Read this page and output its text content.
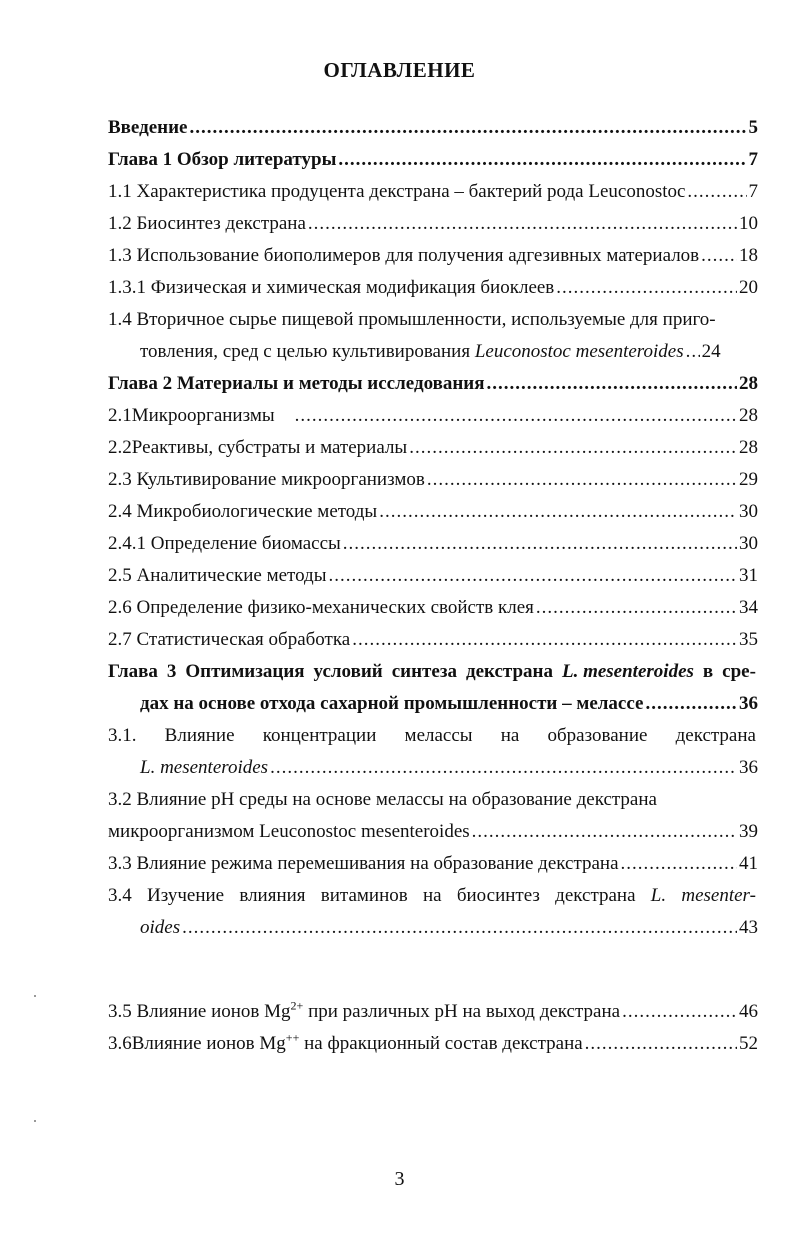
ОГЛАВЛЕНИЕ
Введение .....	5
Глава 1 Обзор литературы .....	7
1.1 Характеристика продуцента декстрана – бактерий рода Leuconostoc .....	7
1.2 Биосинтез декстрана .....	10
1.3 Использование биополимеров для получения адгезивных материалов ..... 18
1.3.1 Физическая и химическая модификация биоклеев .....	20
1.4 Вторичное сырье пищевой промышленности, используемые для приго-
товления, сред с целью культивирования Leuconostoc mesenteroides ..... 24
Глава 2 Материалы и методы исследования .....	28
2.1Микроорганизмы .....	28
2.2Реактивы, субстраты и материалы .....	28
2.3 Культивирование микроорганизмов .....	29
2.4 Микробиологические методы .....	30
2.4.1 Определение биомассы .....	30
2.5 Аналитические методы .....	31
2.6 Определение физико-механических свойств клея .....	34
2.7 Статистическая обработка .....	35
Глава 3 Оптимизация условий синтеза декстрана L. mesenteroides в сре-
дах на основе отхода сахарной промышленности – мелассе .....	36
3.1. Влияние концентрации мелассы на образование декстрана
L. mesenteroides .....	36
3.2 Влияние pH среды на основе мелассы на образование декстрана
микроорганизмом Leuconostoc mesenteroides .....	39
3.3 Влияние режима перемешивания на образование декстрана .....	41
3.4 Изучение влияния витаминов на биосинтез декстрана L. mesenter-
oides .....	43
3.5 Влияние ионов $Mg^{2+}$ при различных pH на выход декстрана .....	46
3.6Влияние ионов Mg++ на фракционный состав декстрана .....	52
3
